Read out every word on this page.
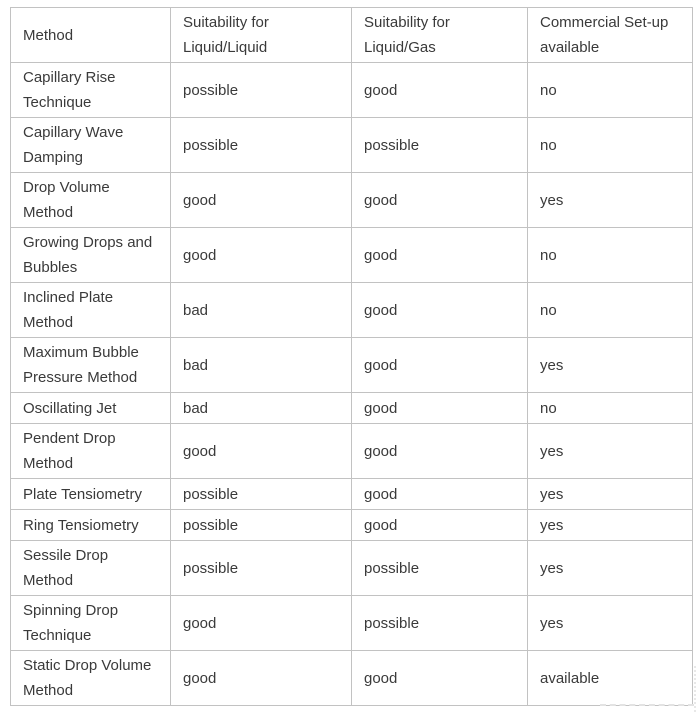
Method	Suitability for Liquid/Liquid	Suitability for Liquid/Gas	Commercial Set-up available
Capillary Rise Technique	possible	good	no
Capillary Wave Damping	possible	possible	no
Drop Volume Method	good	good	yes
Growing Drops and Bubbles	good	good	no
Inclined Plate Method	bad	good	no
Maximum Bubble Pressure Method	bad	good	yes
Oscillating Jet	bad	good	no
Pendent Drop Method	good	good	yes
Plate Tensiometry	possible	good	yes
Ring Tensiometry	possible	good	yes
Sessile Drop Method	possible	possible	yes
Spinning Drop Technique	good	possible	yes
Static Drop Volume Method	good	good	available
